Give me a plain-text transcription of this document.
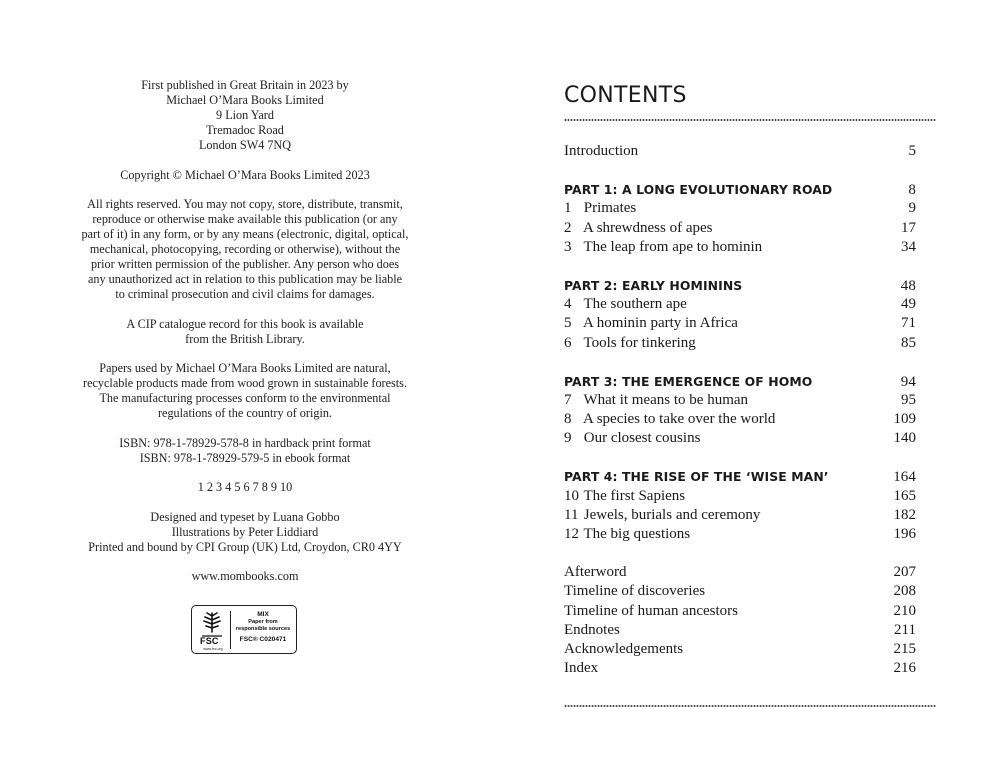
First published in Great Britain in 2023 by
Michael O’Mara Books Limited
9 Lion Yard
Tremadoc Road
London SW4 7NQ
Copyright © Michael O’Mara Books Limited 2023
All rights reserved. You may not copy, store, distribute, transmit,
reproduce or otherwise make available this publication (or any
part of it) in any form, or by any means (electronic, digital, optical,
mechanical, photocopying, recording or otherwise), without the
prior written permission of the publisher. Any person who does
any unauthorized act in relation to this publication may be liable
to criminal prosecution and civil claims for damages.
A CIP catalogue record for this book is available
from the British Library.
Papers used by Michael O’Mara Books Limited are natural,
recyclable products made from wood grown in sustainable forests.
The manufacturing processes conform to the environmental
regulations of the country of origin.
ISBN: 978-1-78929-578-8 in hardback print format
ISBN: 978-1-78929-579-5 in ebook format
1 2 3 4 5 6 7 8 9 10
Designed and typeset by Luana Gobbo
Illustrations by Peter Liddiard
Printed and bound by CPI Group (UK) Ltd, Croydon, CR0 4YY
www.mombooks.com
FSC
www.fsc.org
MIX
Paper from
responsible sources
FSC® C020471
CONTENTS
Introduction	5
PART 1: A LONG EVOLUTIONARY ROAD	8
1 Primates	9
2 A shrewdness of apes	17
3 The leap from ape to hominin	34
PART 2: EARLY HOMININS	48
4 The southern ape	49
5 A hominin party in Africa	71
6 Tools for tinkering	85
PART 3: THE EMERGENCE OF HOMO	94
7 What it means to be human	95
8 A species to take over the world	109
9 Our closest cousins	140
PART 4: THE RISE OF THE ‘WISE MAN’	164
10 The first Sapiens	165
11 Jewels, burials and ceremony	182
12 The big questions	196
Afterword	207
Timeline of discoveries	208
Timeline of human ancestors	210
Endnotes	211
Acknowledgements	215
Index	216
